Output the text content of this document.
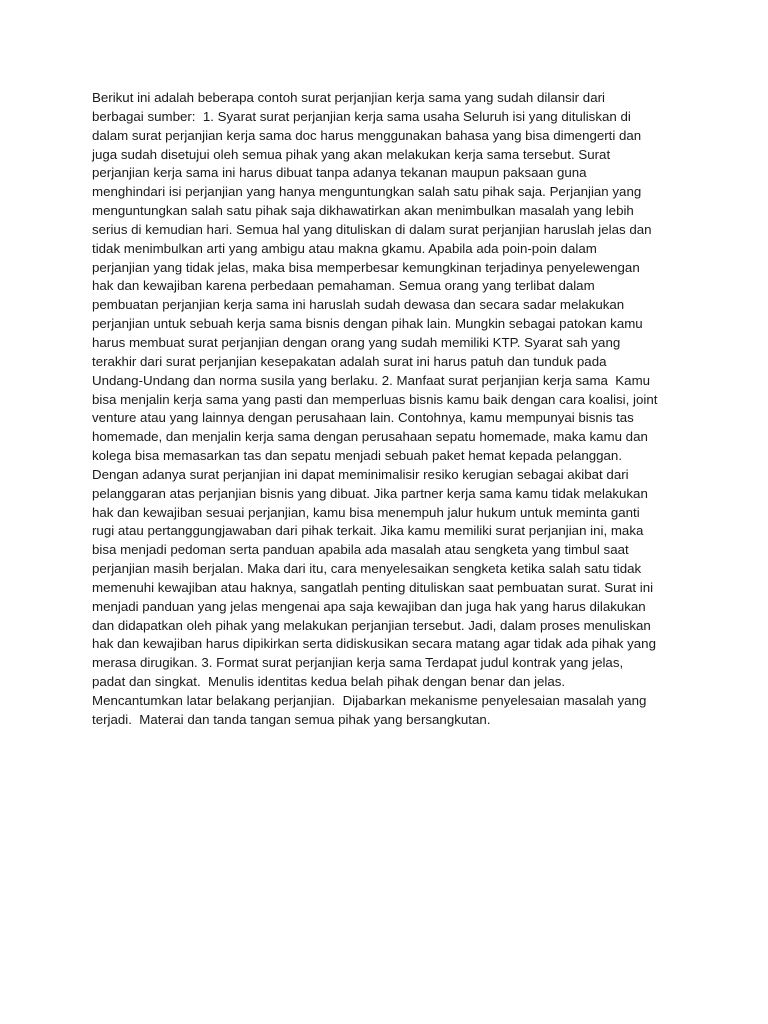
Berikut ini adalah beberapa contoh surat perjanjian kerja sama yang sudah dilansir dari
berbagai sumber:  1. Syarat surat perjanjian kerja sama usaha Seluruh isi yang dituliskan di
dalam surat perjanjian kerja sama doc harus menggunakan bahasa yang bisa dimengerti dan
juga sudah disetujui oleh semua pihak yang akan melakukan kerja sama tersebut. Surat
perjanjian kerja sama ini harus dibuat tanpa adanya tekanan maupun paksaan guna
menghindari isi perjanjian yang hanya menguntungkan salah satu pihak saja. Perjanjian yang
menguntungkan salah satu pihak saja dikhawatirkan akan menimbulkan masalah yang lebih
serius di kemudian hari. Semua hal yang dituliskan di dalam surat perjanjian haruslah jelas dan
tidak menimbulkan arti yang ambigu atau makna gkamu. Apabila ada poin-poin dalam
perjanjian yang tidak jelas, maka bisa memperbesar kemungkinan terjadinya penyelewengan
hak dan kewajiban karena perbedaan pemahaman. Semua orang yang terlibat dalam
pembuatan perjanjian kerja sama ini haruslah sudah dewasa dan secara sadar melakukan
perjanjian untuk sebuah kerja sama bisnis dengan pihak lain. Mungkin sebagai patokan kamu
harus membuat surat perjanjian dengan orang yang sudah memiliki KTP. Syarat sah yang
terakhir dari surat perjanjian kesepakatan adalah surat ini harus patuh dan tunduk pada
Undang-Undang dan norma susila yang berlaku. 2. Manfaat surat perjanjian kerja sama  Kamu
bisa menjalin kerja sama yang pasti dan memperluas bisnis kamu baik dengan cara koalisi, joint
venture atau yang lainnya dengan perusahaan lain. Contohnya, kamu mempunyai bisnis tas
homemade, dan menjalin kerja sama dengan perusahaan sepatu homemade, maka kamu dan
kolega bisa memasarkan tas dan sepatu menjadi sebuah paket hemat kepada pelanggan.
Dengan adanya surat perjanjian ini dapat meminimalisir resiko kerugian sebagai akibat dari
pelanggaran atas perjanjian bisnis yang dibuat. Jika partner kerja sama kamu tidak melakukan
hak dan kewajiban sesuai perjanjian, kamu bisa menempuh jalur hukum untuk meminta ganti
rugi atau pertanggungjawaban dari pihak terkait. Jika kamu memiliki surat perjanjian ini, maka
bisa menjadi pedoman serta panduan apabila ada masalah atau sengketa yang timbul saat
perjanjian masih berjalan. Maka dari itu, cara menyelesaikan sengketa ketika salah satu tidak
memenuhi kewajiban atau haknya, sangatlah penting dituliskan saat pembuatan surat. Surat ini
menjadi panduan yang jelas mengenai apa saja kewajiban dan juga hak yang harus dilakukan
dan didapatkan oleh pihak yang melakukan perjanjian tersebut. Jadi, dalam proses menuliskan
hak dan kewajiban harus dipikirkan serta didiskusikan secara matang agar tidak ada pihak yang
merasa dirugikan. 3. Format surat perjanjian kerja sama Terdapat judul kontrak yang jelas,
padat dan singkat.  Menulis identitas kedua belah pihak dengan benar dan jelas.
Mencantumkan latar belakang perjanjian.  Dijabarkan mekanisme penyelesaian masalah yang
terjadi.  Materai dan tanda tangan semua pihak yang bersangkutan.
